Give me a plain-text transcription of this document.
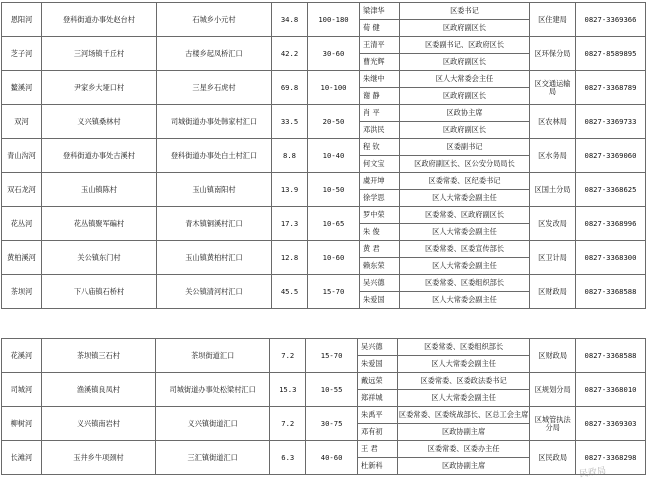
恩阳河	登科街道办事处赵台村	石城乡小元村	34.8	100-180	梁津华	区委书记	区住建局	0827-3369366
					荀 健	区政府副区长		
芝子河	三河场镇千丘村	古楼乡起凤桥汇口	42.2	30-60	王清平	区委副书记、区政府区长	区环保分局	0827-8589895
					曹光辉	区政府副区长		
鳌溪河	尹家乡大垭口村	三星乡石虎村	69.8	10-100	朱继中	区人大常委会主任	区交通运输局	0827-3368789
					谢 静	区政府副区长		
双河	义兴镇桑林村	司城街道办事处韩家村汇口	33.5	20-50	肖 平	区政协主席	区农林局	0827-3369733
					邓洪民	区政府副区长		
青山沟河	登科街道办事处古溪村	登科街道办事处白土村汇口	8.8	10-40	程 钦	区委副书记	区水务局	0827-3369060
					何文宝	区政府副区长、区公安分局局长		
双石龙河	玉山镇陈村	玉山镇南阳村	13.9	10-50	虞开坤	区委常委、区纪委书记	区国土分局	0827-3368625
					徐学思	区人大常委会副主任		
花丛河	花丛镇聚军碥村	青木镇铜溪村汇口	17.3	10-65	罗中荣	区委常委、区政府副区长	区发改局	0827-3368996
					朱 俊	区人大常委会副主任		
黄柏溪河	关公镇东门村	玉山镇黄柏村汇口	12.8	10-60	黄 君	区委常委、区委宣传部长	区卫计局	0827-3368300
					赖东荣	区人大常委会副主任		
茶坝河	下八庙镇石桥村	关公镇清河村汇口	45.5	15-70	吴兴德	区委常委、区委组织部长	区财政局	0827-3368588
					朱爱国	区人大常委会副主任		
花溪河	茶坝镇三石村	茶坝街道汇口	7.2	15-70	吴兴德	区委常委、区委组织部长	区财政局	0827-3368588
					朱爱国	区人大常委会副主任		
司城河	渔溪镇良凤村	司城街道办事处松梁村汇口	15.3	10-55	戴远荣	区委常委、区委政法委书记	区规划分局	0827-3368010
					郑祥城	区人大常委会副主任		
柳树河	义兴镇南岩村	义兴镇街道汇口	7.2	30-75	朱禹平	区委常委、区委统战部长、区总工会主席	区城管执法分局	0827-3369303
					邓有初	区政协副主席		
长滩河	玉井乡牛项颈村	三汇镇街道汇口	6.3	40-60	王 君	区委常委、区委办主任	区民政局	0827-3368298
					杜新科	区政协副主席		
民政局
